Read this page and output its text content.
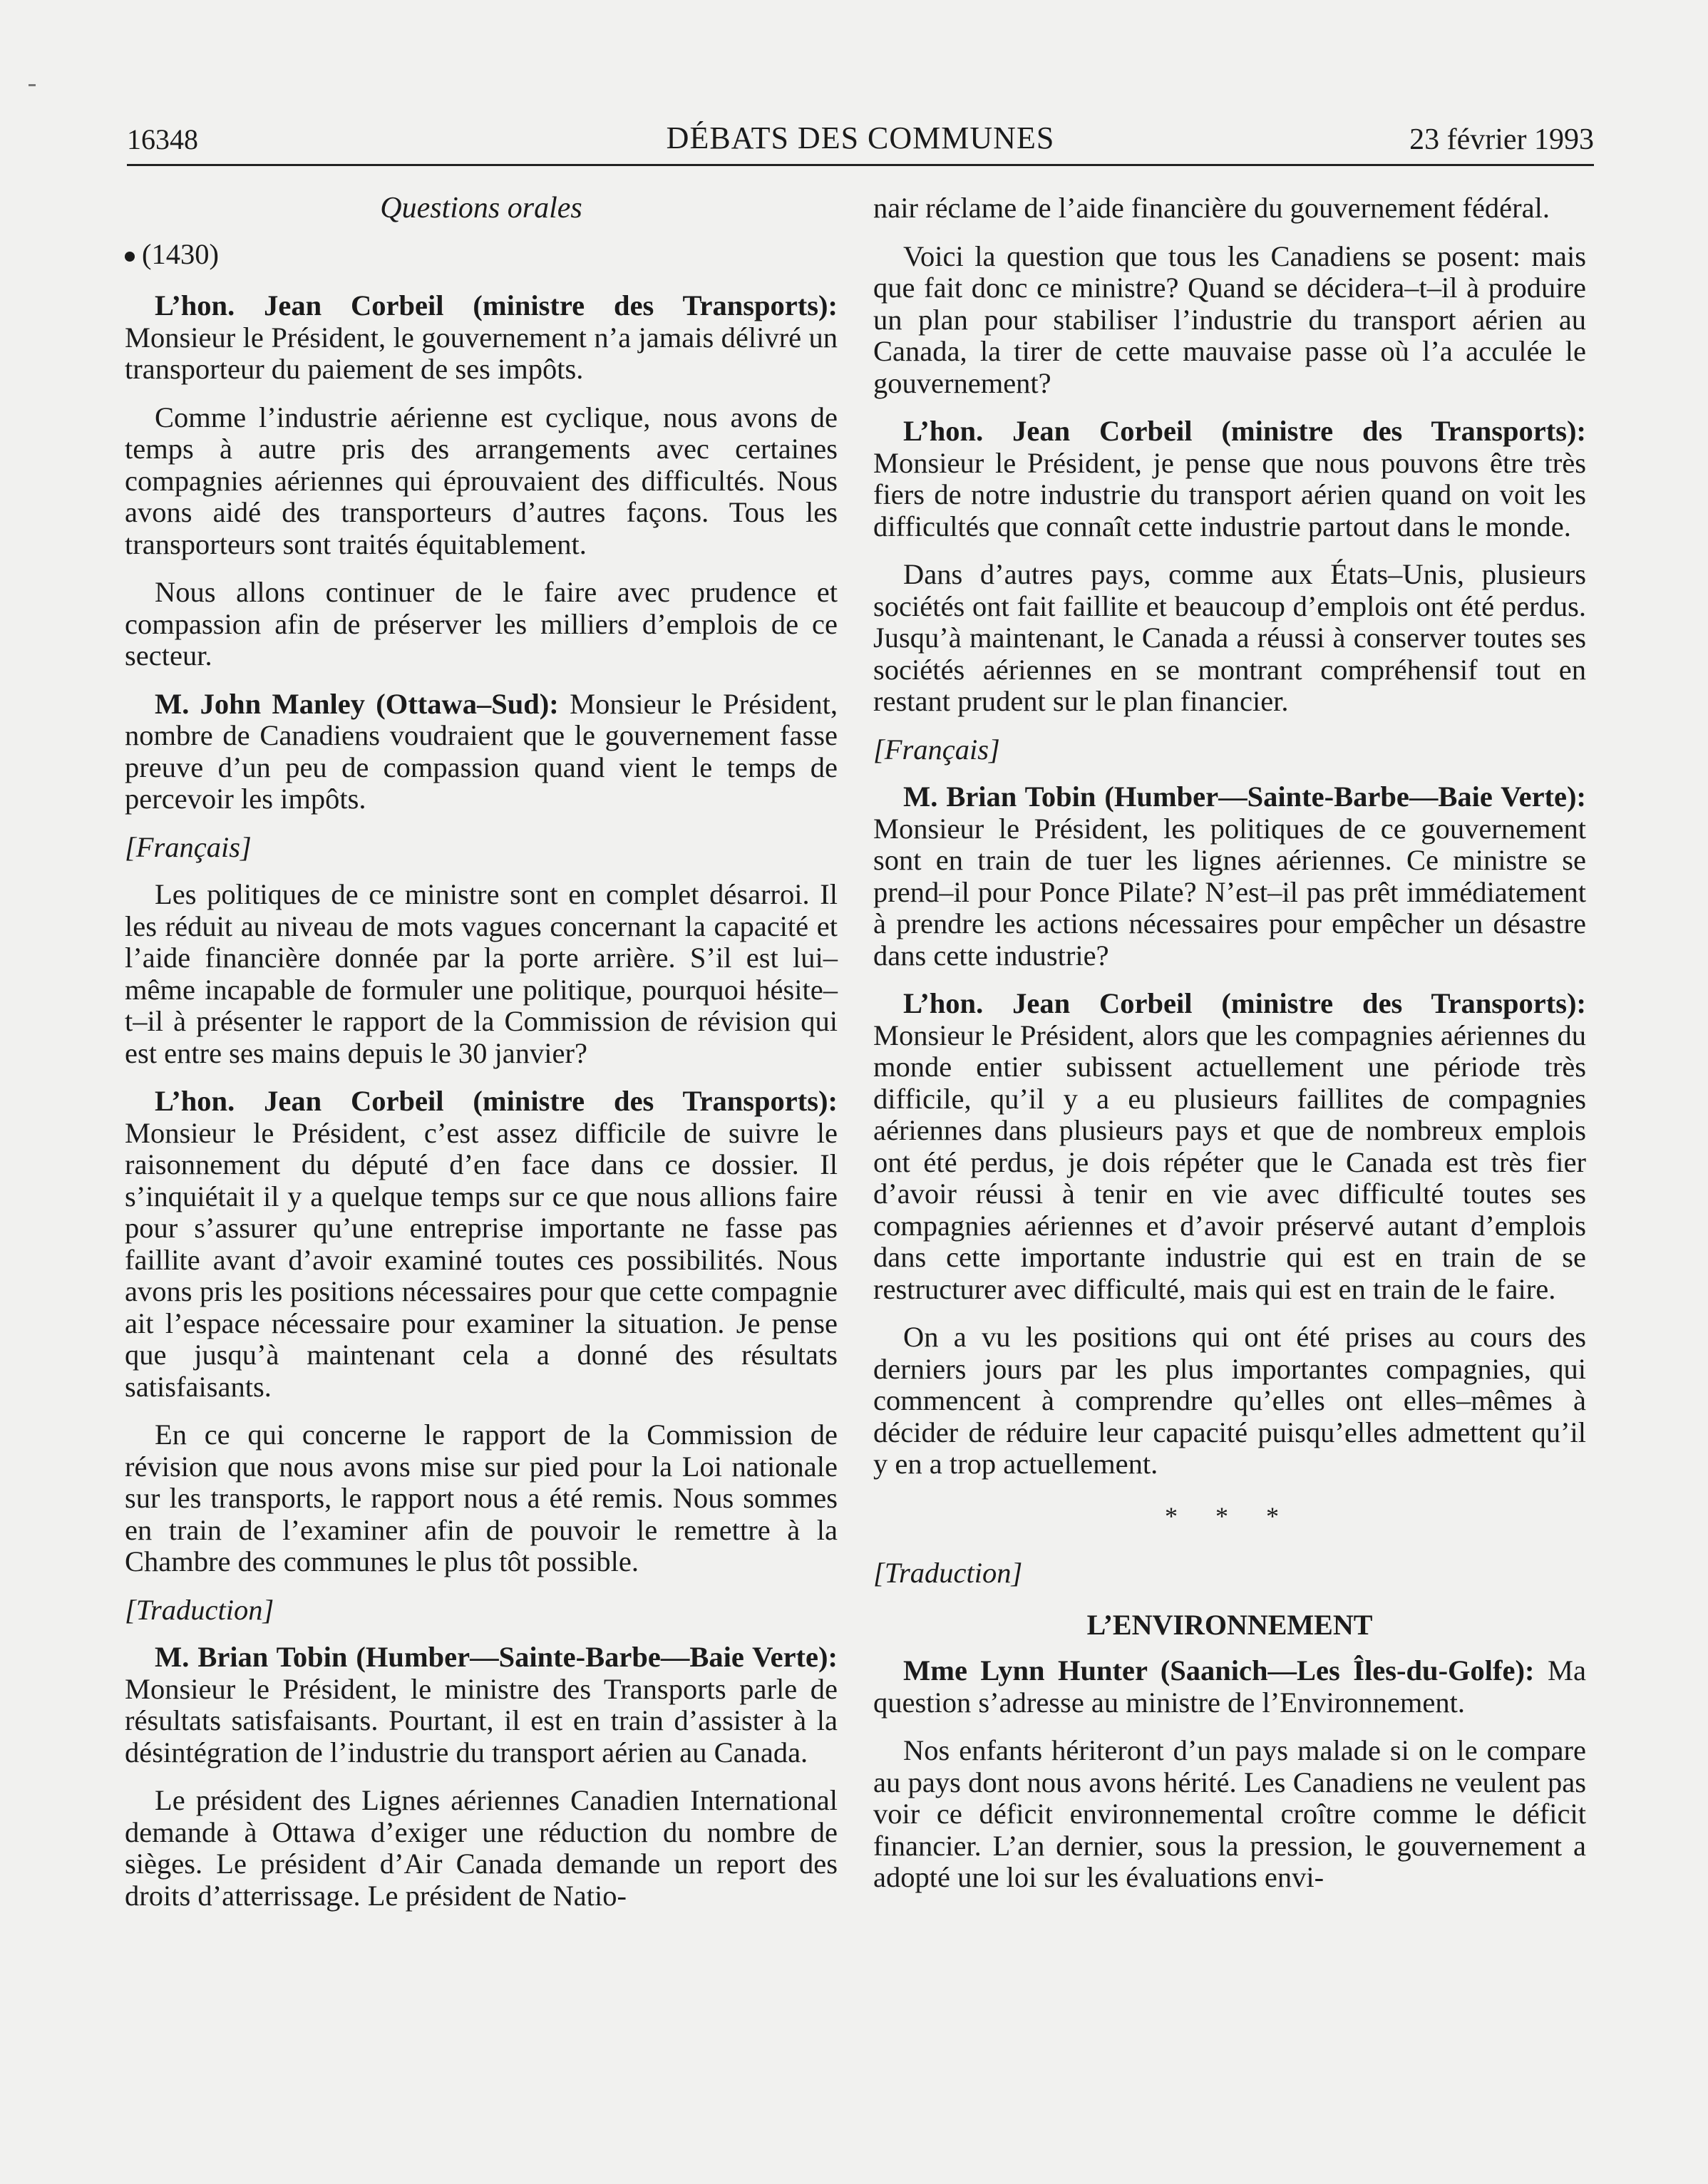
16348	DÉBATS DES COMMUNES	23 février 1993
Questions orales
(1430)

L’hon. Jean Corbeil (ministre des Transports): Monsieur le Président, le gouvernement n’a jamais délivré un transporteur du paiement de ses impôts.

Comme l’industrie aérienne est cyclique, nous avons de temps à autre pris des arrangements avec certaines compagnies aériennes qui éprouvaient des difficultés. Nous avons aidé des transporteurs d’autres façons. Tous les transporteurs sont traités équitablement.

Nous allons continuer de le faire avec prudence et compassion afin de préserver les milliers d’emplois de ce secteur.

M. John Manley (Ottawa–Sud): Monsieur le Président, nombre de Canadiens voudraient que le gouvernement fasse preuve d’un peu de compassion quand vient le temps de percevoir les impôts.

[Français]

Les politiques de ce ministre sont en complet désarroi. Il les réduit au niveau de mots vagues concernant la capacité et l’aide financière donnée par la porte arrière. S’il est lui–même incapable de formuler une politique, pourquoi hésite–t–il à présenter le rapport de la Commission de révision qui est entre ses mains depuis le 30 janvier?

L’hon. Jean Corbeil (ministre des Transports): Monsieur le Président, c’est assez difficile de suivre le raisonnement du député d’en face dans ce dossier. Il s’inquiétait il y a quelque temps sur ce que nous allions faire pour s’assurer qu’une entreprise importante ne fasse pas faillite avant d’avoir examiné toutes ces possibilités. Nous avons pris les positions nécessaires pour que cette compagnie ait l’espace nécessaire pour examiner la situation. Je pense que jusqu’à maintenant cela a donné des résultats satisfaisants.

En ce qui concerne le rapport de la Commission de révision que nous avons mise sur pied pour la Loi nationale sur les transports, le rapport nous a été remis. Nous sommes en train de l’examiner afin de pouvoir le remettre à la Chambre des communes le plus tôt possible.

[Traduction]

M. Brian Tobin (Humber—Sainte-Barbe—Baie Verte): Monsieur le Président, le ministre des Transports parle de résultats satisfaisants. Pourtant, il est en train d’assister à la désintégration de l’industrie du transport aérien au Canada.

Le président des Lignes aériennes Canadien International demande à Ottawa d’exiger une réduction du nombre de sièges. Le président d’Air Canada demande un report des droits d’atterrissage. Le président de Natio-

nair réclame de l’aide financière du gouvernement fédéral.

Voici la question que tous les Canadiens se posent: mais que fait donc ce ministre? Quand se décidera–t–il à produire un plan pour stabiliser l’industrie du transport aérien au Canada, la tirer de cette mauvaise passe où l’a acculée le gouvernement?

L’hon. Jean Corbeil (ministre des Transports): Monsieur le Président, je pense que nous pouvons être très fiers de notre industrie du transport aérien quand on voit les difficultés que connaît cette industrie partout dans le monde.

Dans d’autres pays, comme aux États–Unis, plusieurs sociétés ont fait faillite et beaucoup d’emplois ont été perdus. Jusqu’à maintenant, le Canada a réussi à conserver toutes ses sociétés aériennes en se montrant compréhensif tout en restant prudent sur le plan financier.

[Français]

M. Brian Tobin (Humber—Sainte-Barbe—Baie Verte): Monsieur le Président, les politiques de ce gouvernement sont en train de tuer les lignes aériennes. Ce ministre se prend–il pour Ponce Pilate? N’est–il pas prêt immédiatement à prendre les actions nécessaires pour empêcher un désastre dans cette industrie?

L’hon. Jean Corbeil (ministre des Transports): Monsieur le Président, alors que les compagnies aériennes du monde entier subissent actuellement une période très difficile, qu’il y a eu plusieurs faillites de compagnies aériennes dans plusieurs pays et que de nombreux emplois ont été perdus, je dois répéter que le Canada est très fier d’avoir réussi à tenir en vie avec difficulté toutes ses compagnies aériennes et d’avoir préservé autant d’emplois dans cette importante industrie qui est en train de se restructurer avec difficulté, mais qui est en train de le faire.

On a vu les positions qui ont été prises au cours des derniers jours par les plus importantes compagnies, qui commencent à comprendre qu’elles ont elles–mêmes à décider de réduire leur capacité puisqu’elles admettent qu’il y en a trop actuellement.

* * *
[Traduction]
L’ENVIRONNEMENT

Mme Lynn Hunter (Saanich—Les Îles-du-Golfe): Ma question s’adresse au ministre de l’Environnement.

Nos enfants hériteront d’un pays malade si on le compare au pays dont nous avons hérité. Les Canadiens ne veulent pas voir ce déficit environnemental croître comme le déficit financier. L’an dernier, sous la pression, le gouvernement a adopté une loi sur les évaluations envi-
